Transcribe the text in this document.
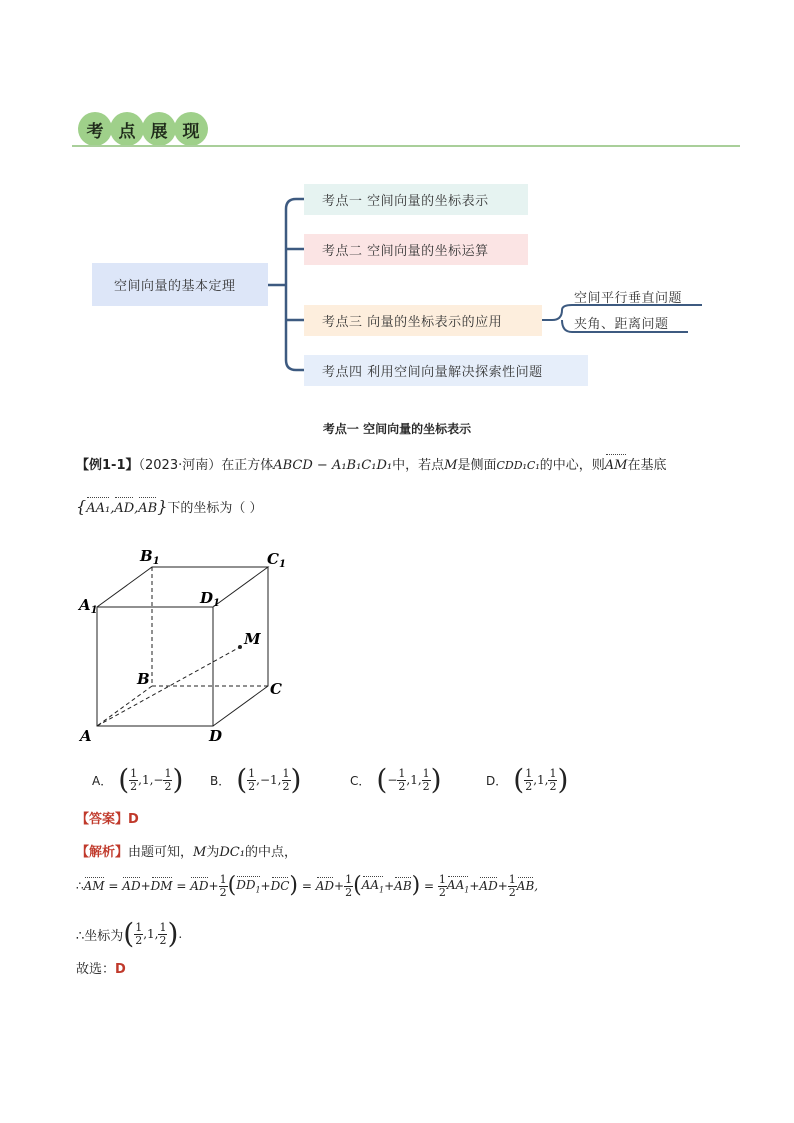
考 点 展 现
空间向量的基本定理
考点一 空间向量的坐标表示
考点二 空间向量的坐标运算
考点三 向量的坐标表示的应用
考点四 利用空间向量解决探索性问题
空间平行垂直问题
夹角、距离问题
考点一 空间向量的坐标表示
【例1-1】（2023·河南）在正方体ABCD − A₁B₁C₁D₁中，若点M是侧面CDD₁C₁的中心，则AM在基底
{AA₁,AD,AB}下的坐标为（ ）
$B_1$	$C_1$
$A_1$
$D_1$
M
B
C
A	D
A． ( $\frac{1}{2} ,1,- \frac{1}{2}$ ) B． ( $\frac{1}{2} ,-1$, $\frac{1}{2}$ )	C． ( − $\frac{1}{2} ,1$, $\frac{1}{2}$ )	D． ( $\frac{1}{2} ,1$, $\frac{1}{2}$ )
【答案】D
【解析】由题可知，M为DC₁的中点，
∴ AM = AD + DM = AD + $\frac{1}{2}$ ( $DD_1$ + DC ) = AD + $\frac{1}{2}$ ( $AA_1$ + AB ) = $\frac{1}{2} AA_1$ + AD + $\frac{1}{2}$ AB ,
∴坐标为 ( $\frac{1}{2} ,1$, $\frac{1}{2}$ ) .
故选：D
